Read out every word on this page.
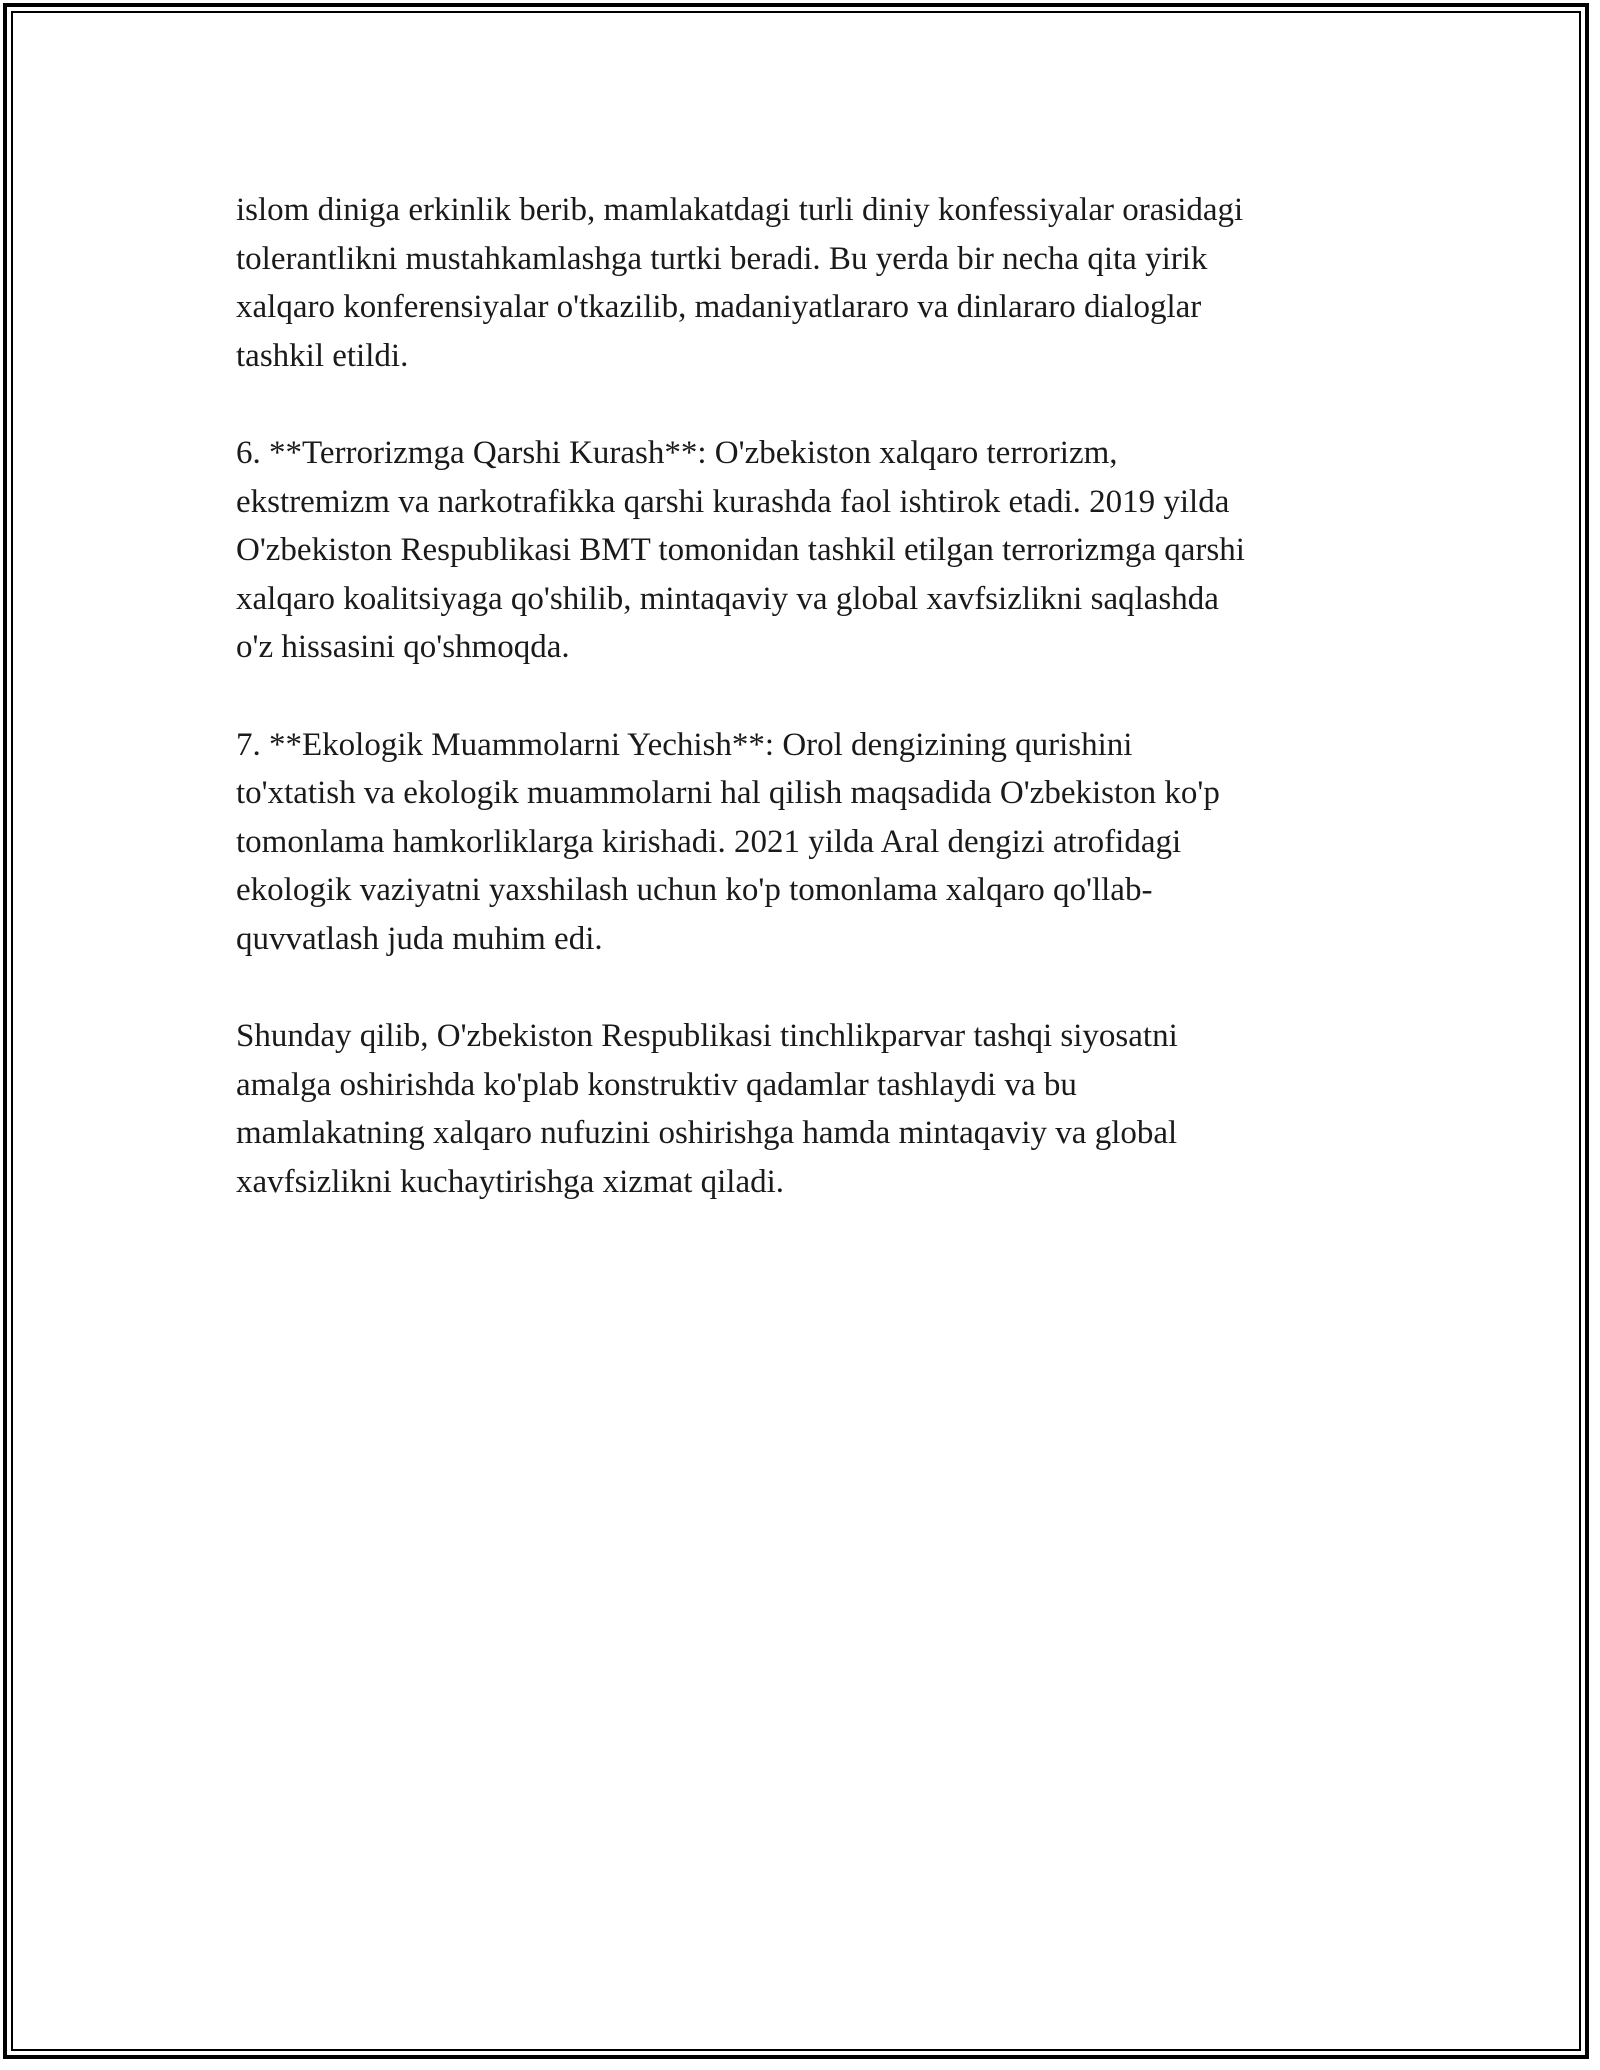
islom diniga erkinlik berib, mamlakatdagi turli diniy konfessiyalar orasidagi
tolerantlikni mustahkamlashga turtki beradi. Bu yerda bir necha qita yirik
xalqaro konferensiyalar o'tkazilib, madaniyatlararo va dinlararo dialoglar
tashkil etildi.

6. **Terrorizmga Qarshi Kurash**: O'zbekiston xalqaro terrorizm,
ekstremizm va narkotrafikka qarshi kurashda faol ishtirok etadi. 2019 yilda
O'zbekiston Respublikasi BMT tomonidan tashkil etilgan terrorizmga qarshi
xalqaro koalitsiyaga qo'shilib, mintaqaviy va global xavfsizlikni saqlashda
o'z hissasini qo'shmoqda.

7. **Ekologik Muammolarni Yechish**: Orol dengizining qurishini
to'xtatish va ekologik muammolarni hal qilish maqsadida O'zbekiston ko'p
tomonlama hamkorliklarga kirishadi. 2021 yilda Aral dengizi atrofidagi
ekologik vaziyatni yaxshilash uchun ko'p tomonlama xalqaro qo'llab-
quvvatlash juda muhim edi.

Shunday qilib, O'zbekiston Respublikasi tinchlikparvar tashqi siyosatni
amalga oshirishda ko'plab konstruktiv qadamlar tashlaydi va bu
mamlakatning xalqaro nufuzini oshirishga hamda mintaqaviy va global
xavfsizlikni kuchaytirishga xizmat qiladi.
